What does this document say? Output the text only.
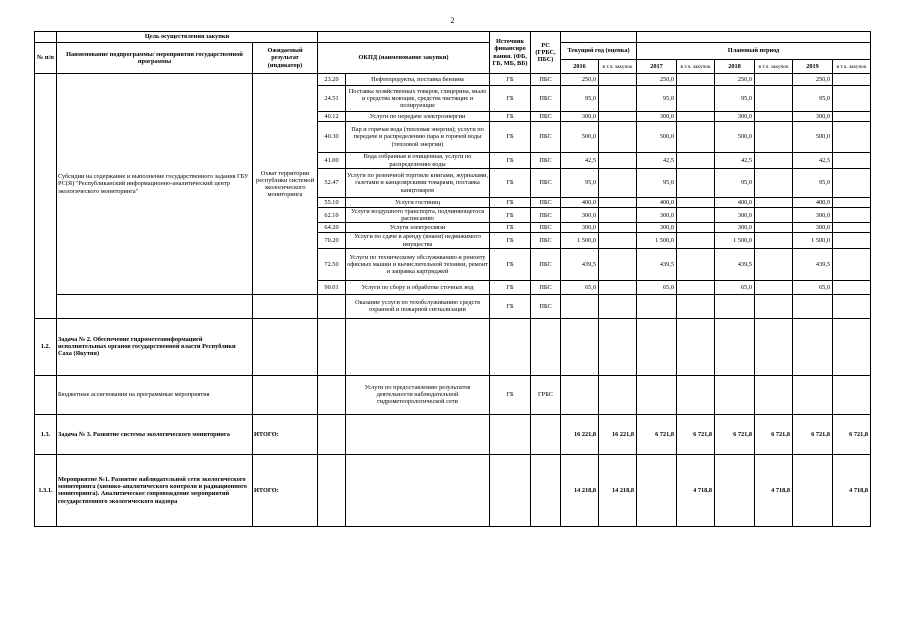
2
	Цель осуществления закупки				Источник финансиро вания. (ФБ, ГБ, МБ, ВБ)	РС (ГРБС, ПБС)								
№ п/п	Наименование подпрограммы/ мероприятия государственной программы	Ожидаемый результат (индикатор)	ОКПД (наименование закупки)				Текущий год (оценка)		Плановый период					
							2016	в т.ч. закупок	2017	в т.ч. закупок	2018	в т.ч. закупок	2019	в т.ч. закупок
	Субсидии на содержание и выполнение государственного задания ГБУ РС(Я) "Республиканский информационно-аналитический центр экологического мониторинга"	Охват территории республики системой экологического мониторинга	23.20	Нефтепродукты, поставка бензина	ГБ	ПБС	250,0		250,0		250,0		250,0	
			24.51	Поставка хозяйственных товаров, глицерина, мыло и средства моющие, средства чистящие и полирующие	ГБ	ПБС	95,0		95,0		95,0		95,0	
			40.12	Услуги по передаче электроэнергии	ГБ	ПБС	300,0		300,0		300,0		300,0	
			40.30	Пар и горячая вода (тепловая энергия); услуги по передаче и распределению пара и горячей воды (тепловой энергии)	ГБ	ПБС	500,0		500,0		500,0		500,0	
			41.00	Вода собранная и очищенная, услуги по распределению воды	ГБ	ПБС	42,5		42,5		42,5		42,5	
			52.47	Услуги по розничной торговле книгами, журналами, газетами и канцелярскими товарами, поставка канцтоваров	ГБ	ПБС	95,0		95,0		95,0		95,0	
			55.10	Услуги гостиниц	ГБ	ПБС	400,0		400,0		400,0		400,0	
			62.10	Услуги воздушного транспорта, подчиняющегося расписанию	ГБ	ПБС	300,0		300,0		300,0		300,0	
			64.20	Услуги электросвязи	ГБ	ПБС	300,0		300,0		300,0		300,0	
			70.20	Услуги по сдаче в аренду (внаем) недвижимого имущества	ГБ	ПБС	1 500,0		1 500,0		1 500,0		1 500,0	
			72.50	Услуги по техническому обслуживанию и ремонту офисных машин и вычислительной техники, ремонт и заправка картриджей	ГБ	ПБС	439,5		439,5		439,5		439,5	
			90.01	Услуги по сбору и обработке сточных вод	ГБ	ПБС	65,0		65,0		65,0		65,0	
				Оказание услуги по техобслуживанию средств охранной и пожарной сигнализации	ГБ	ПБС								
1.2.	Задача № 2. Обеспечение гидрометеоинформацией исполнительных органов государственной власти Республики Саха (Якутия)													
	Бюджетные ассигнования на программные мероприятия			Услуги по предоставлению результатов деятельности наблюдательной гидрометеорологической сети	ГБ	ГРБС								
1.3.	Задача № 3. Развитие системы экологического мониторинга	ИТОГО:					16 221,8	16 221,8	6 721,8	6 721,8	6 721,8	6 721,8	6 721,8	6 721,8
1.3.1.	Мероприятие №1. Развитие наблюдательной сети экологического мониторинга (химико-аналитического контроля и радиационного мониторинга). Аналитическое сопровождение мероприятий государственного экологического надзора	ИТОГО:					14 218,8	14 218,8		4 718,8		4 718,8		4 718,8
